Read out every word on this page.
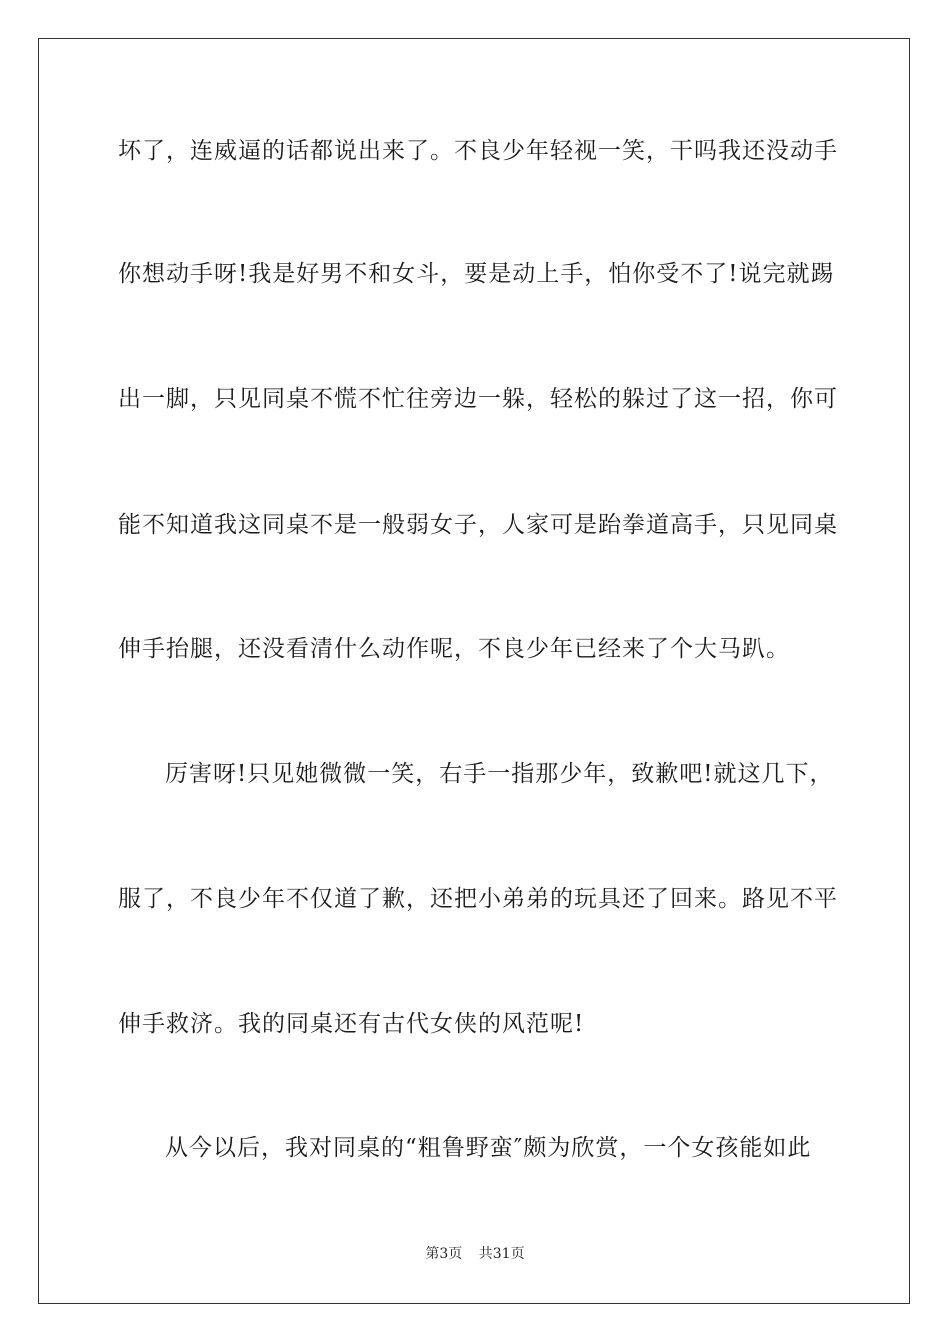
坏了，连威逼的话都说出来了。不良少年轻视一笑，干吗我还没动手
你想动手呀!我是好男不和女斗，要是动上手，怕你受不了!说完就踢
出一脚，只见同桌不慌不忙往旁边一躲，轻松的躲过了这一招，你可
能不知道我这同桌不是一般弱女子，人家可是跆拳道高手，只见同桌
伸手抬腿，还没看清什么动作呢，不良少年已经来了个大马趴。
厉害呀!只见她微微一笑，右手一指那少年，致歉吧!就这几下，
服了，不良少年不仅道了歉，还把小弟弟的玩具还了回来。路见不平
伸手救济。我的同桌还有古代女侠的风范呢!
从今以后，我对同桌的“粗鲁野蛮″颇为欣赏，一个女孩能如此
第3页 共31页
